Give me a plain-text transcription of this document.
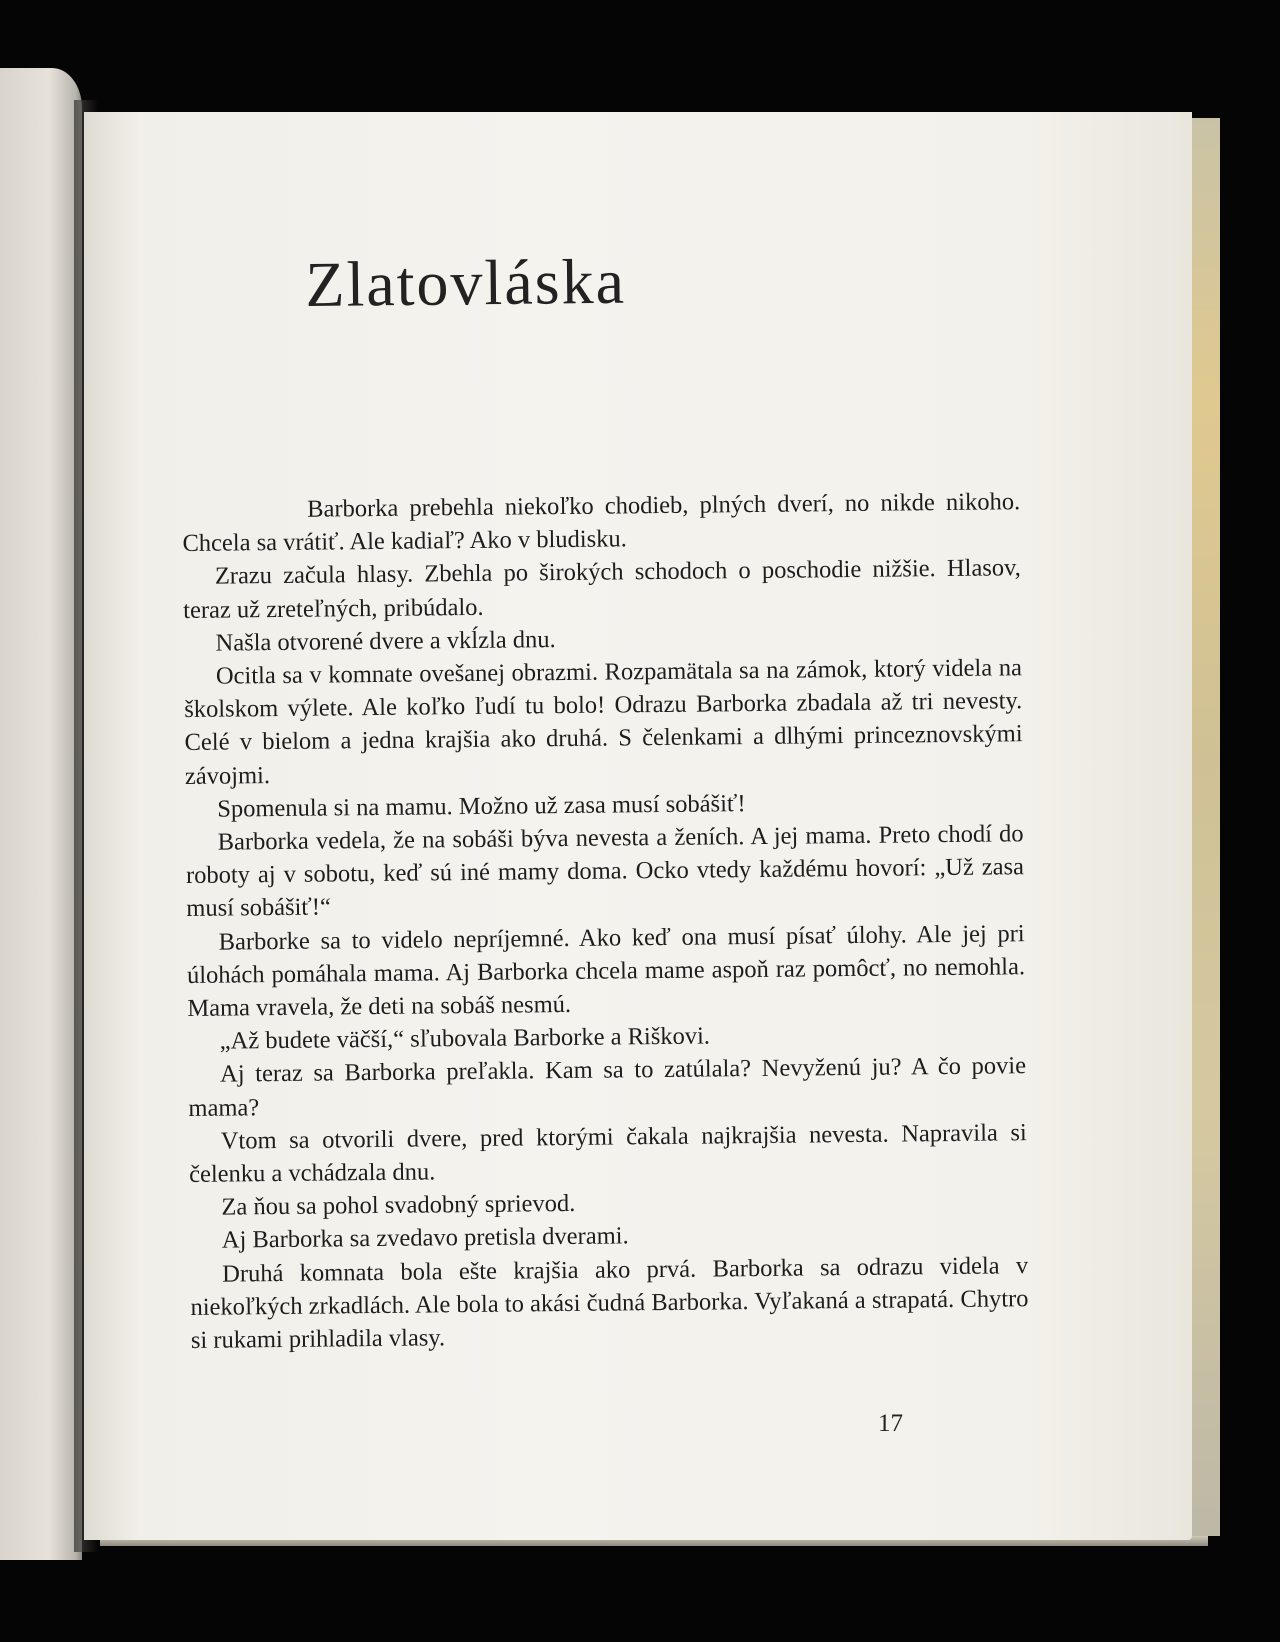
Zlatovláska

Barborka prebehla niekoľko chodieb, plných dverí, no nikde nikoho. Chcela sa vrátiť. Ale kadiaľ? Ako v bludisku.

Zrazu začula hlasy. Zbehla po širokých schodoch o poschodie nižšie. Hlasov, teraz už zreteľných, pribúdalo.

Našla otvorené dvere a vkĺzla dnu.

Ocitla sa v komnate ovešanej obrazmi. Rozpamätala sa na zámok, ktorý videla na školskom výlete. Ale koľko ľudí tu bolo! Odrazu Barborka zbadala až tri nevesty. Celé v bielom a jedna krajšia ako druhá. S čelenkami a dlhými princeznovskými závojmi.

Spomenula si na mamu. Možno už zasa musí sobášiť!

Barborka vedela, že na sobáši býva nevesta a ženích. A jej mama. Preto chodí do roboty aj v sobotu, keď sú iné mamy doma. Ocko vtedy každému hovorí: „Už zasa musí sobášiť!“

Barborke sa to videlo nepríjemné. Ako keď ona musí písať úlohy. Ale jej pri úlohách pomáhala mama. Aj Barborka chcela mame aspoň raz pomôcť, no nemohla. Mama vravela, že deti na sobáš nesmú.

„Až budete väčší,“ sľubovala Barborke a Riškovi.

Aj teraz sa Barborka preľakla. Kam sa to zatúlala? Nevyženú ju? A čo povie mama?

Vtom sa otvorili dvere, pred ktorými čakala najkrajšia nevesta. Napravila si čelenku a vchádzala dnu.

Za ňou sa pohol svadobný sprievod.

Aj Barborka sa zvedavo pretisla dverami.

Druhá komnata bola ešte krajšia ako prvá. Barborka sa odrazu videla v niekoľkých zrkadlách. Ale bola to akási čudná Barborka. Vyľakaná a strapatá. Chytro si rukami prihladila vlasy.

17
